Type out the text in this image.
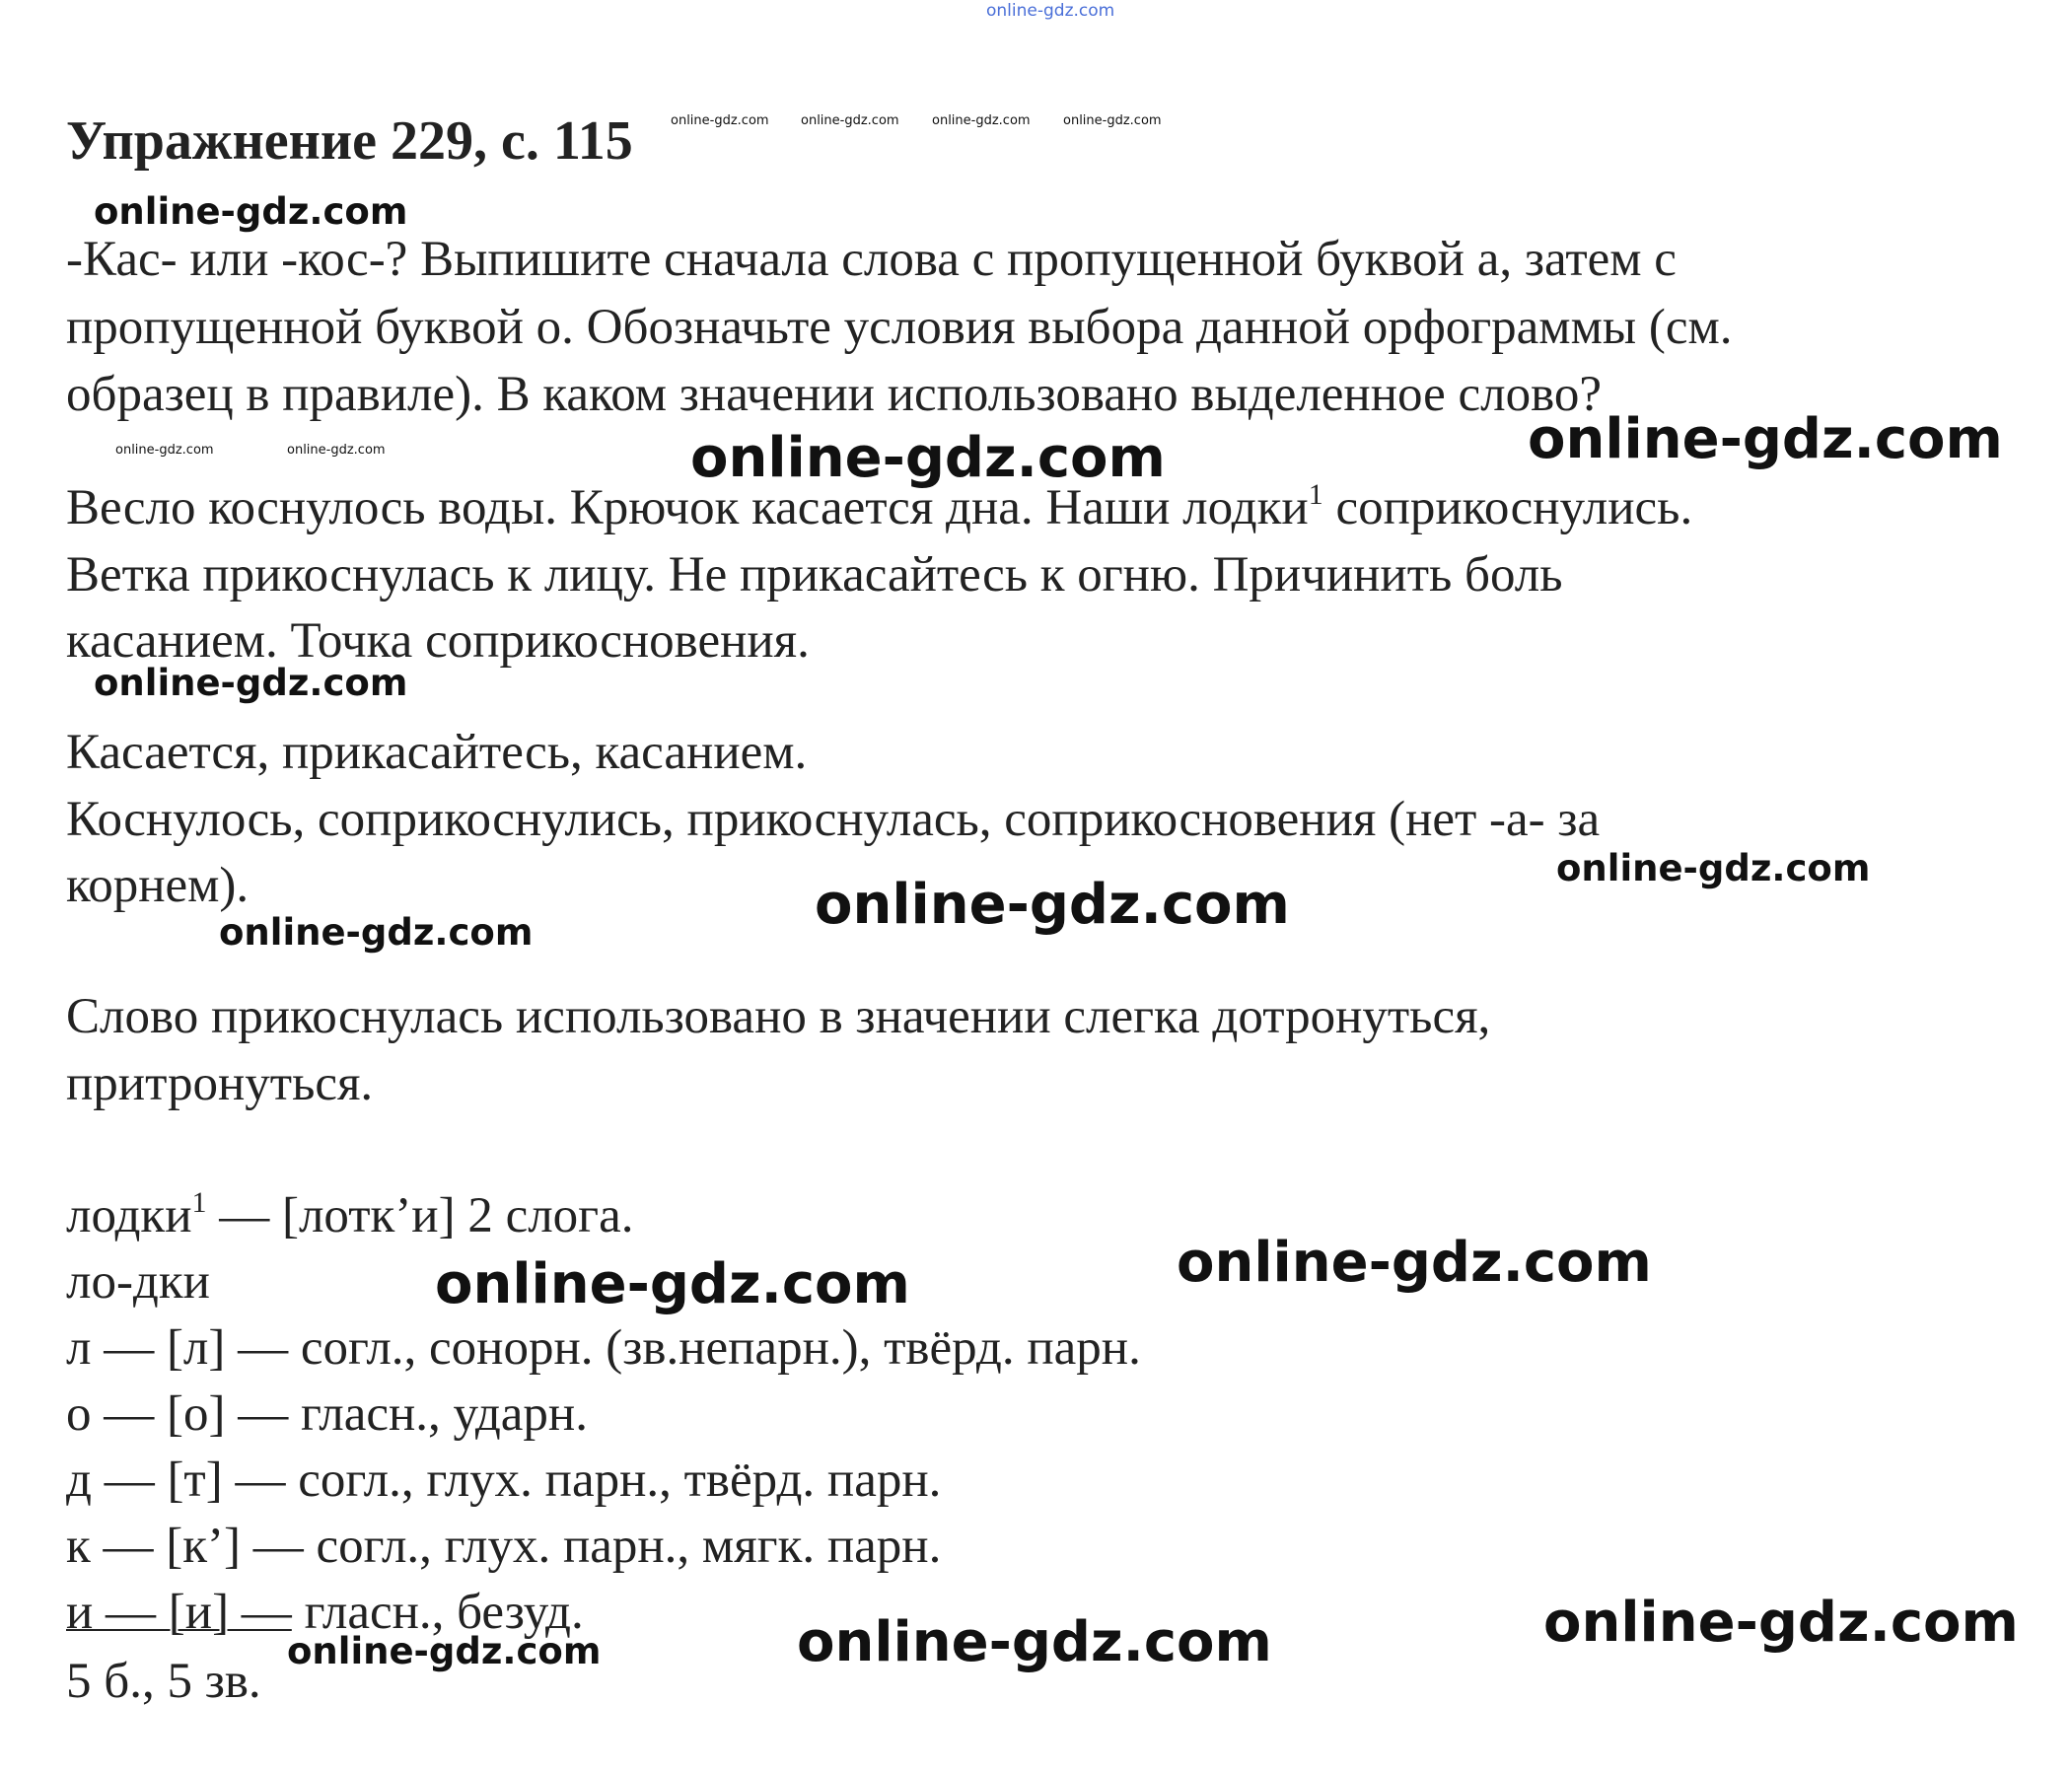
online-gdz.com
Упражнение 229, с. 115	online-gdz.com online-gdz.com	online-gdz.com	online-gdz.com
online-gdz.com
-Кас- или -кос-? Выпишите сначала слова с пропущенной буквой а, затем с
пропущенной буквой о. Обозначьте условия выбора данной орфограммы (см.
образец в правиле). В каком значении использовано выделенное слово?
online-gdz.com	online-gdz.com	online-gdz.com	online-gdz.com
Весло коснулось воды. Крючок касается дна. Наши лодки$^1$ соприкоснулись.
Ветка прикоснулась к лицу. Не прикасайтесь к огню. Причинить боль
касанием. Точка соприкосновения.
online-gdz.com
Касается, прикасайтесь, касанием.
Коснулось, соприкоснулись, прикоснулась, соприкосновения (нет -а- за
корнем).	online-gdz.com
online-gdz.com
online-gdz.com
Слово прикоснулась использовано в значении слегка дотронуться,
притронуться.
лодки$^1$ — [лотк’и] 2 слога.
ло-дки	online-gdz.com
online-gdz.com
л — [л] — согл., сонорн. (зв.непарн.), твёрд. парн.
о — [о] — гласн., ударн.
д — [т] — согл., глух. парн., твёрд. парн.
к — [к’] — согл., глух. парн., мягк. парн.
и — [и] — гласн., безуд.
online-gdz.com	online-gdz.com	online-gdz.com
5 б., 5 зв.
